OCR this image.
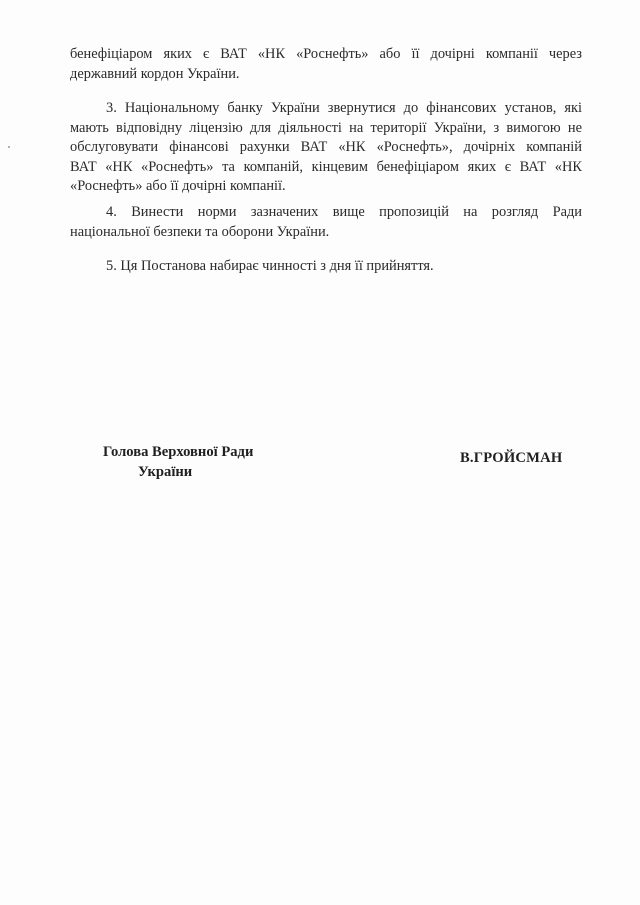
бенефіціаром яких є ВАТ «НК «Роснефть» або її дочірні компанії через
державний кордон України.
3. Національному банку України звернутися до фінансових установ, які
мають відповідну ліцензію для діяльності на території України, з вимогою не
обслуговувати фінансові рахунки ВАТ «НК «Роснефть», дочірніх компаній
ВАТ «НК «Роснефть» та компаній, кінцевим бенефіціаром яких є ВАТ «НК
«Роснефть» або її дочірні компанії.
4. Винести норми зазначених вище пропозицій на розгляд Ради
національної безпеки та оборони України.
5. Ця Постанова набирає чинності з дня її прийняття.
Голова Верховної Ради
України
В.ГРОЙСМАН
